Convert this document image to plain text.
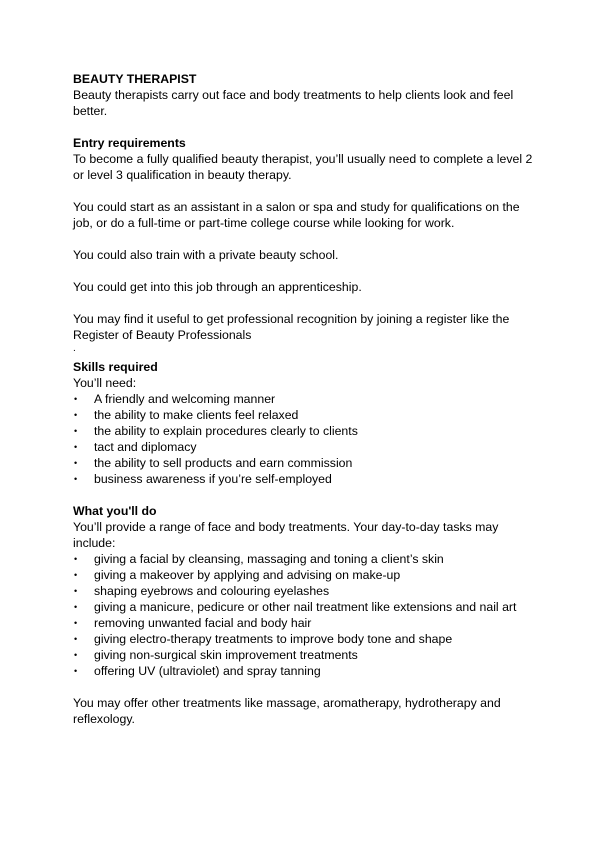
BEAUTY THERAPIST

Beauty therapists carry out face and body treatments to help clients look and feel better.

Entry requirements

To become a fully qualified beauty therapist, you’ll usually need to complete a level 2 or level 3 qualification in beauty therapy.

You could start as an assistant in a salon or spa and study for qualifications on the job, or do a full-time or part-time college course while looking for work.

You could also train with a private beauty school.

You could get into this job through an apprenticeship.

You may find it useful to get professional recognition by joining a register like the Register of Beauty Professionals

.

Skills required

You’ll need:

• A friendly and welcoming manner
• the ability to make clients feel relaxed
• the ability to explain procedures clearly to clients
• tact and diplomacy
• the ability to sell products and earn commission
• business awareness if you’re self-employed

What you'll do

You’ll provide a range of face and body treatments. Your day-to-day tasks may include:

• giving a facial by cleansing, massaging and toning a client’s skin
• giving a makeover by applying and advising on make-up
• shaping eyebrows and colouring eyelashes
• giving a manicure, pedicure or other nail treatment like extensions and nail art
• removing unwanted facial and body hair
• giving electro-therapy treatments to improve body tone and shape
• giving non-surgical skin improvement treatments
• offering UV (ultraviolet) and spray tanning

You may offer other treatments like massage, aromatherapy, hydrotherapy and reflexology.
